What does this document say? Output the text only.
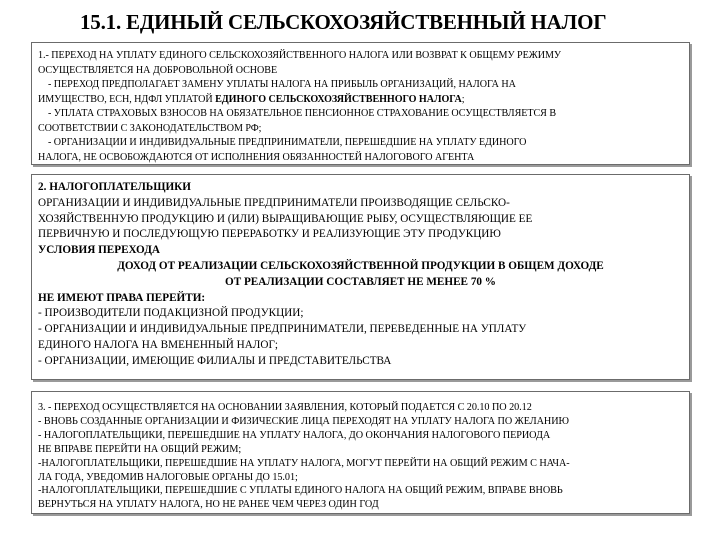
15.1. ЕДИНЫЙ СЕЛЬСКОХОЗЯЙСТВЕННЫЙ НАЛОГ
1.- ПЕРЕХОД НА УПЛАТУ ЕДИНОГО СЕЛЬСКОХОЗЯЙСТВЕННОГО НАЛОГА ИЛИ ВОЗВРАТ К ОБЩЕМУ РЕЖИМУ
ОСУЩЕСТВЛЯЕТСЯ НА ДОБРОВОЛЬНОЙ ОСНОВЕ
- ПЕРЕХОД ПРЕДПОЛАГАЕТ ЗАМЕНУ УПЛАТЫ НАЛОГА НА ПРИБЫЛЬ ОРГАНИЗАЦИЙ, НАЛОГА НА
ИМУЩЕСТВО, ЕСН, НДФЛ УПЛАТОЙ ЕДИНОГО СЕЛЬСКОХОЗЯЙСТВЕННОГО НАЛОГА;
- УПЛАТА СТРАХОВЫХ ВЗНОСОВ НА ОБЯЗАТЕЛЬНОЕ ПЕНСИОННОЕ СТРАХОВАНИЕ ОСУЩЕСТВЛЯЕТСЯ В
СООТВЕТСТВИИ С ЗАКОНОДАТЕЛЬСТВОМ РФ;
- ОРГАНИЗАЦИИ И ИНДИВИДУАЛЬНЫЕ ПРЕДПРИНИМАТЕЛИ, ПЕРЕШЕДШИЕ НА УПЛАТУ ЕДИНОГО
НАЛОГА, НЕ ОСВОБОЖДАЮТСЯ ОТ ИСПОЛНЕНИЯ ОБЯЗАННОСТЕЙ НАЛОГОВОГО АГЕНТА
2. НАЛОГОПЛАТЕЛЬЩИКИ
ОРГАНИЗАЦИИ И ИНДИВИДУАЛЬНЫЕ ПРЕДПРИНИМАТЕЛИ ПРОИЗВОДЯЩИЕ СЕЛЬСКО-
ХОЗЯЙСТВЕННУЮ ПРОДУКЦИЮ И (ИЛИ) ВЫРАЩИВАЮЩИЕ РЫБУ, ОСУЩЕСТВЛЯЮЩИЕ ЕЕ
ПЕРВИЧНУЮ И ПОСЛЕДУЮЩУЮ ПЕРЕРАБОТКУ И РЕАЛИЗУЮЩИЕ ЭТУ ПРОДУКЦИЮ
УСЛОВИЯ ПЕРЕХОДА
ДОХОД ОТ РЕАЛИЗАЦИИ СЕЛЬСКОХОЗЯЙСТВЕННОЙ ПРОДУКЦИИ В ОБЩЕМ ДОХОДЕ
ОТ РЕАЛИЗАЦИИ СОСТАВЛЯЕТ НЕ МЕНЕЕ 70 %
НЕ ИМЕЮТ ПРАВА ПЕРЕЙТИ:
- ПРОИЗВОДИТЕЛИ ПОДАКЦИЗНОЙ ПРОДУКЦИИ;
- ОРГАНИЗАЦИИ И ИНДИВИДУАЛЬНЫЕ ПРЕДПРИНИМАТЕЛИ, ПЕРЕВЕДЕННЫЕ НА УПЛАТУ
ЕДИНОГО НАЛОГА НА ВМЕНЕННЫЙ НАЛОГ;
- ОРГАНИЗАЦИИ, ИМЕЮЩИЕ ФИЛИАЛЫ И ПРЕДСТАВИТЕЛЬСТВА
3. - ПЕРЕХОД ОСУЩЕСТВЛЯЕТСЯ НА ОСНОВАНИИ ЗАЯВЛЕНИЯ, КОТОРЫЙ ПОДАЕТСЯ С 20.10 ПО 20.12
- ВНОВЬ СОЗДАННЫЕ ОРГАНИЗАЦИИ И ФИЗИЧЕСКИЕ ЛИЦА ПЕРЕХОДЯТ НА УПЛАТУ НАЛОГА ПО ЖЕЛАНИЮ
- НАЛОГОПЛАТЕЛЬЩИКИ, ПЕРЕШЕДШИЕ НА УПЛАТУ НАЛОГА, ДО ОКОНЧАНИЯ НАЛОГОВОГО ПЕРИОДА
НЕ ВПРАВЕ ПЕРЕЙТИ НА ОБЩИЙ РЕЖИМ;
-НАЛОГОПЛАТЕЛЬЩИКИ, ПЕРЕШЕДШИЕ НА УПЛАТУ НАЛОГА, МОГУТ ПЕРЕЙТИ НА ОБЩИЙ РЕЖИМ С НАЧА-
ЛА ГОДА, УВЕДОМИВ НАЛОГОВЫЕ ОРГАНЫ ДО 15.01;
-НАЛОГОПЛАТЕЛЬЩИКИ, ПЕРЕШЕДШИЕ С УПЛАТЫ ЕДИНОГО НАЛОГА НА ОБЩИЙ РЕЖИМ, ВПРАВЕ ВНОВЬ
ВЕРНУТЬСЯ НА УПЛАТУ НАЛОГА, НО НЕ РАНЕЕ ЧЕМ ЧЕРЕЗ ОДИН ГОД
